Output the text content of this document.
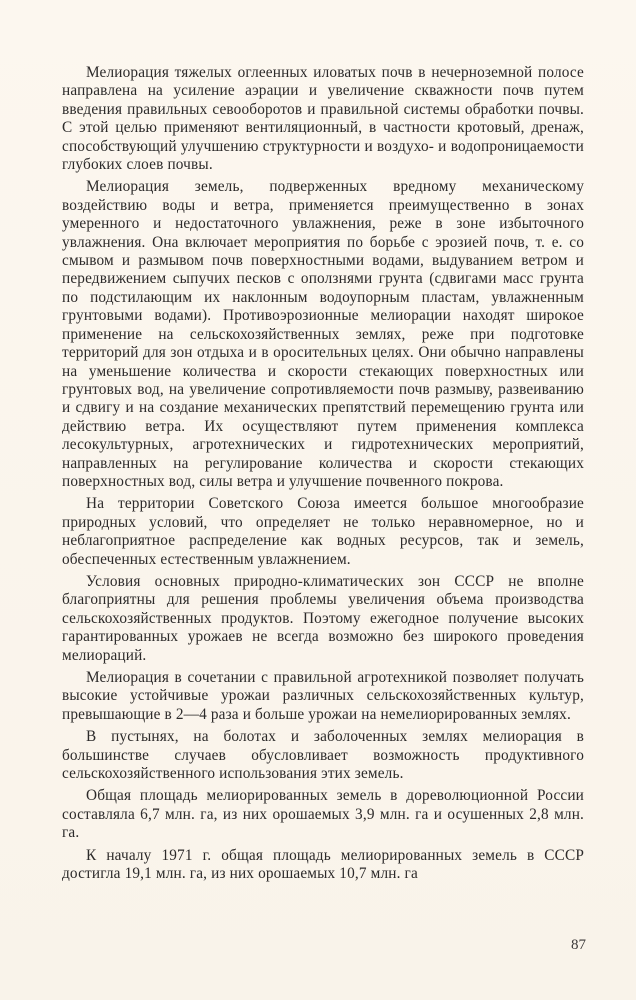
Мелиорация тяжелых оглеенных иловатых почв в нечерноземной полосе направлена на усиление аэрации и увеличение скважности почв путем введения правильных севооборотов и правильной системы обработки почвы. С этой целью применяют вентиляционный, в частности кротовый, дренаж, способствующий улучшению структурности и воздухо- и водопроницаемости глубоких слоев почвы.

Мелиорация земель, подверженных вредному механическому воздействию воды и ветра, применяется преимущественно в зонах умеренного и недостаточного увлажнения, реже в зоне избыточного увлажнения. Она включает мероприятия по борьбе с эрозией почв, т. е. со смывом и размывом почв поверхностными водами, выдуванием ветром и передвижением сыпучих песков с оползнями грунта (сдвигами масс грунта по подстилающим их наклонным водоупорным пластам, увлажненным грунтовыми водами). Противоэрозионные мелиорации находят широкое применение на сельскохозяйственных землях, реже при подготовке территорий для зон отдыха и в оросительных целях. Они обычно направлены на уменьшение количества и скорости стекающих поверхностных или грунтовых вод, на увеличение сопротивляемости почв размыву, развеиванию и сдвигу и на создание механических препятствий перемещению грунта или действию ветра. Их осуществляют путем применения комплекса лесокультурных, агротехнических и гидротехнических мероприятий, направленных на регулирование количества и скорости стекающих поверхностных вод, силы ветра и улучшение почвенного покрова.

На территории Советского Союза имеется большое многообразие природных условий, что определяет не только неравномерное, но и неблагоприятное распределение как водных ресурсов, так и земель, обеспеченных естественным увлажнением.

Условия основных природно-климатических зон СССР не вполне благоприятны для решения проблемы увеличения объема производства сельскохозяйственных продуктов. Поэтому ежегодное получение высоких гарантированных урожаев не всегда возможно без широкого проведения мелиораций.

Мелиорация в сочетании с правильной агротехникой позволяет получать высокие устойчивые урожаи различных сельскохозяйственных культур, превышающие в 2—4 раза и больше урожаи на немелиорированных землях.

В пустынях, на болотах и заболоченных землях мелиорация в большинстве случаев обусловливает возможность продуктивного сельскохозяйственного использования этих земель.

Общая площадь мелиорированных земель в дореволюционной России составляла 6,7 млн. га, из них орошаемых 3,9 млн. га и осушенных 2,8 млн. га.

К началу 1971 г. общая площадь мелиорированных земель в СССР достигла 19,1 млн. га, из них орошаемых 10,7 млн. га

87
